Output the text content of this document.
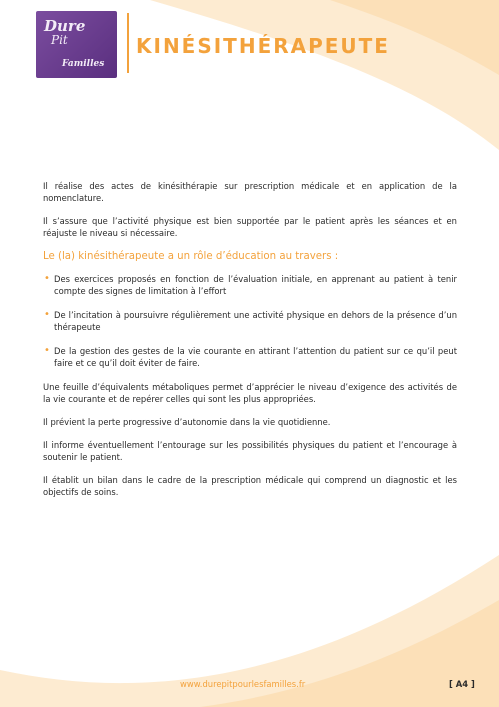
Dure
Pit
Familles
KINÉSITHÉRAPEUTE

Il réalise des actes de kinésithérapie sur prescription médicale et en application de la nomenclature.

Il s’assure que l’activité physique est bien supportée par le patient après les séances et en réajuste le niveau si nécessaire.

Le (la) kinésithérapeute a un rôle d’éducation au travers :
• Des exercices proposés en fonction de l’évaluation initiale, en apprenant au patient à tenir compte des signes de limitation à l’effort
• De l’incitation à poursuivre régulièrement une activité physique en dehors de la présence d’un thérapeute
• De la gestion des gestes de la vie courante en attirant l’attention du patient sur ce qu’il peut faire et ce qu’il doit éviter de faire.

Une feuille d’équivalents métaboliques permet d’apprécier le niveau d’exigence des activités de la vie courante et de repérer celles qui sont les plus appropriées.

Il prévient la perte progressive d’autonomie dans la vie quotidienne.

Il informe éventuellement l’entourage sur les possibilités physiques du patient et l’encourage à soutenir le patient.

Il établit un bilan dans le cadre de la prescription médicale qui comprend un diagnostic et les objectifs de soins.

www.durepitpourlesfamilles.fr	[ A4 ]
